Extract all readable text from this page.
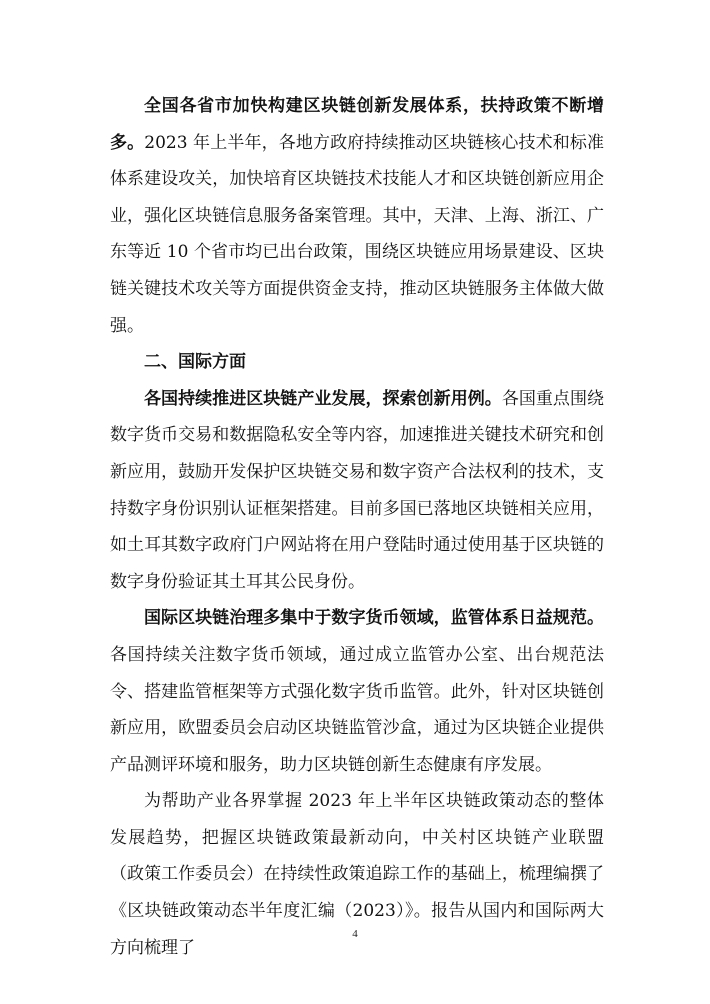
全国各省市加快构建区块链创新发展体系，扶持政策不断增多。2023 年上半年，各地方政府持续推动区块链核心技术和标准体系建设攻关，加快培育区块链技术技能人才和区块链创新应用企业，强化区块链信息服务备案管理。其中，天津、上海、浙江、广东等近 10 个省市均已出台政策，围绕区块链应用场景建设、区块链关键技术攻关等方面提供资金支持，推动区块链服务主体做大做强。

二、国际方面

各国持续推进区块链产业发展，探索创新用例。各国重点围绕数字货币交易和数据隐私安全等内容，加速推进关键技术研究和创新应用，鼓励开发保护区块链交易和数字资产合法权利的技术，支持数字身份识别认证框架搭建。目前多国已落地区块链相关应用，如土耳其数字政府门户网站将在用户登陆时通过使用基于区块链的数字身份验证其土耳其公民身份。

国际区块链治理多集中于数字货币领域，监管体系日益规范。各国持续关注数字货币领域，通过成立监管办公室、出台规范法令、搭建监管框架等方式强化数字货币监管。此外，针对区块链创新应用，欧盟委员会启动区块链监管沙盒，通过为区块链企业提供产品测评环境和服务，助力区块链创新生态健康有序发展。

为帮助产业各界掌握 2023 年上半年区块链政策动态的整体发展趋势，把握区块链政策最新动向，中关村区块链产业联盟 （政策工作委员会）在持续性政策追踪工作的基础上，梳理编撰了《区块链政策动态半年度汇编（2023）》。报告从国内和国际两大方向梳理了

4
